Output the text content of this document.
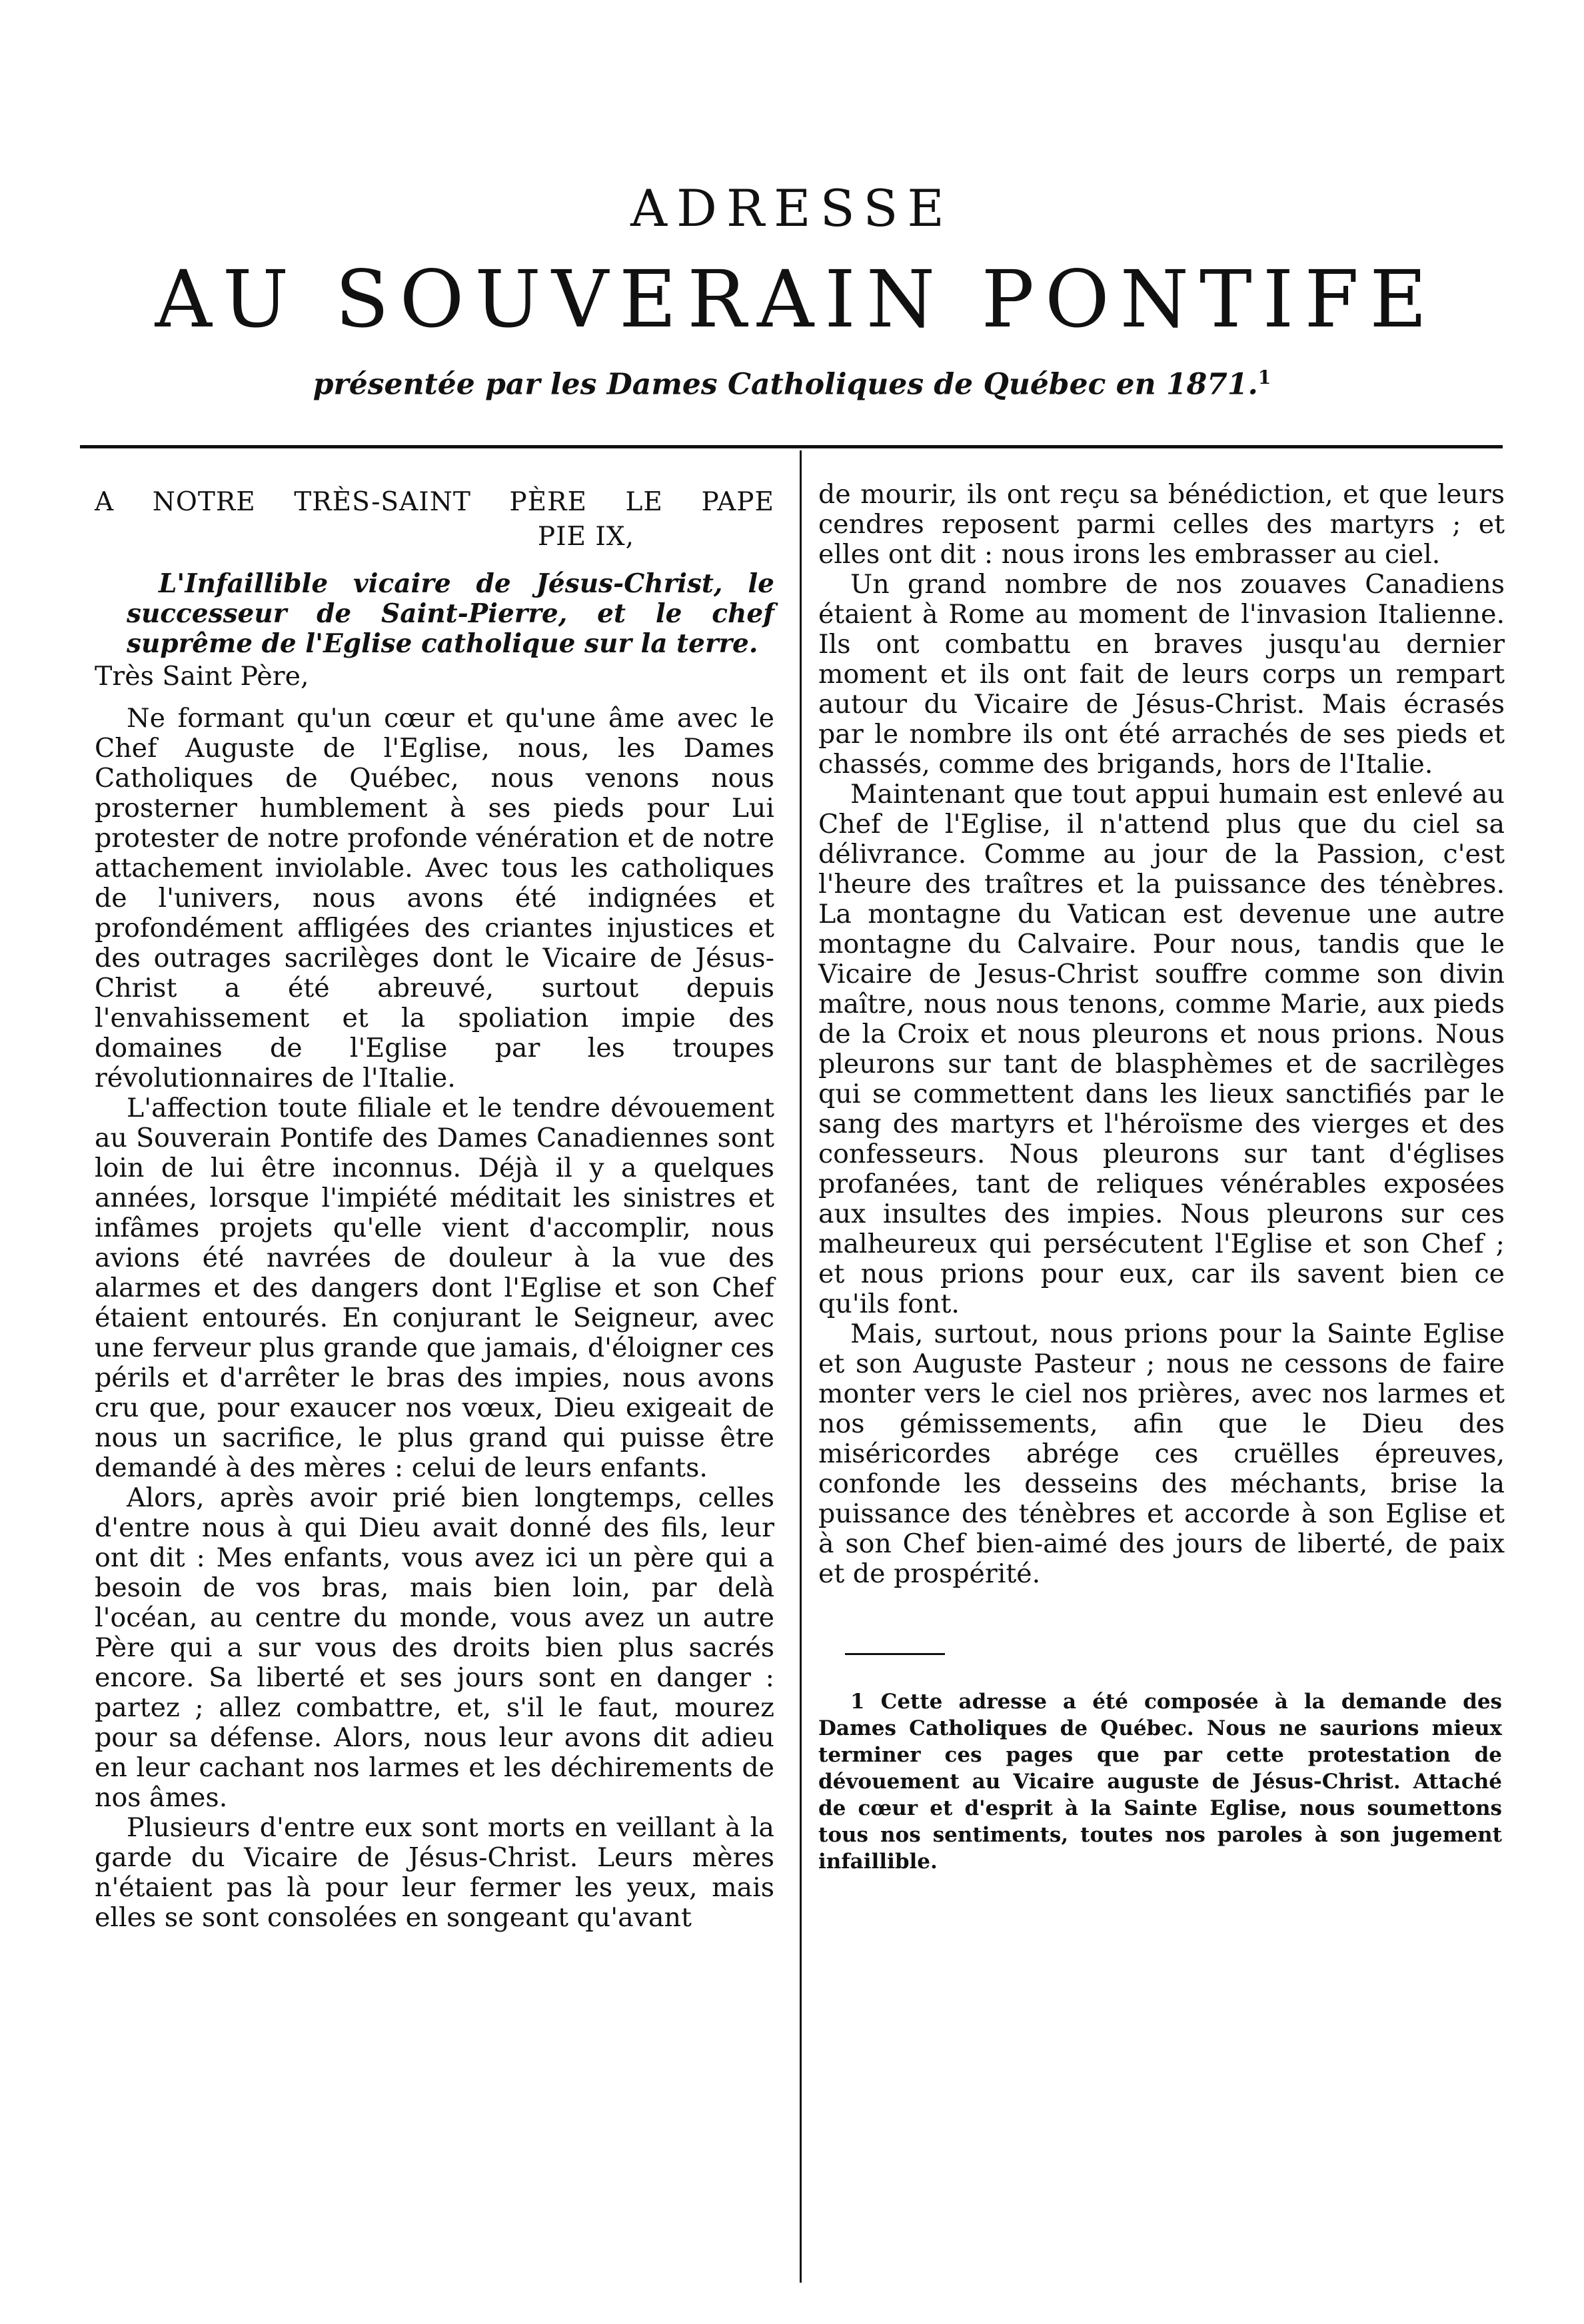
ADRESSE
AU SOUVERAIN PONTIFE
présentée par les Dames Catholiques de Québec en 1871.$^1$
A NOTRE TRÈS-SAINT PÈRE LE PAPE
PIE IX,

L'Infaillible vicaire de Jésus-Christ, le successeur de Saint-Pierre, et le chef suprême de l'Eglise catholique sur la terre.

Très Saint Père,

Ne formant qu'un cœur et qu'une âme avec le Chef Auguste de l'Eglise, nous, les Dames Catholiques de Québec, nous venons nous prosterner humblement à ses pieds pour Lui protester de notre profonde vénération et de notre attachement inviolable. Avec tous les catholiques de l'univers, nous avons été indignées et profondément affligées des criantes injustices et des outrages sacrilèges dont le Vicaire de Jésus-Christ a été abreuvé, surtout depuis l'envahissement et la spoliation impie des domaines de l'Eglise par les troupes révolutionnaires de l'Italie.

L'affection toute filiale et le tendre dévouement au Souverain Pontife des Dames Canadiennes sont loin de lui être inconnus. Déjà il y a quelques années, lorsque l'impiété méditait les sinistres et infâmes projets qu'elle vient d'accomplir, nous avions été navrées de douleur à la vue des alarmes et des dangers dont l'Eglise et son Chef étaient entourés. En conjurant le Seigneur, avec une ferveur plus grande que jamais, d'éloigner ces périls et d'arrêter le bras des impies, nous avons cru que, pour exaucer nos vœux, Dieu exigeait de nous un sacrifice, le plus grand qui puisse être demandé à des mères : celui de leurs enfants.

Alors, après avoir prié bien longtemps, celles d'entre nous à qui Dieu avait donné des fils, leur ont dit : Mes enfants, vous avez ici un père qui a besoin de vos bras, mais bien loin, par delà l'océan, au centre du monde, vous avez un autre Père qui a sur vous des droits bien plus sacrés encore. Sa liberté et ses jours sont en danger : partez ; allez combattre, et, s'il le faut, mourez pour sa défense. Alors, nous leur avons dit adieu en leur cachant nos larmes et les déchirements de nos âmes.

Plusieurs d'entre eux sont morts en veillant à la garde du Vicaire de Jésus-Christ. Leurs mères n'étaient pas là pour leur fermer les yeux, mais elles se sont consolées en songeant qu'avant

de mourir, ils ont reçu sa bénédiction, et que leurs cendres reposent parmi celles des martyrs ; et elles ont dit : nous irons les embrasser au ciel.

Un grand nombre de nos zouaves Canadiens étaient à Rome au moment de l'invasion Italienne. Ils ont combattu en braves jusqu'au dernier moment et ils ont fait de leurs corps un rempart autour du Vicaire de Jésus-Christ. Mais écrasés par le nombre ils ont été arrachés de ses pieds et chassés, comme des brigands, hors de l'Italie.

Maintenant que tout appui humain est enlevé au Chef de l'Eglise, il n'attend plus que du ciel sa délivrance. Comme au jour de la Passion, c'est l'heure des traîtres et la puissance des ténèbres. La montagne du Vatican est devenue une autre montagne du Calvaire. Pour nous, tandis que le Vicaire de Jesus-Christ souffre comme son divin maître, nous nous tenons, comme Marie, aux pieds de la Croix et nous pleurons et nous prions. Nous pleurons sur tant de blasphèmes et de sacrilèges qui se commettent dans les lieux sanctifiés par le sang des martyrs et l'héroïsme des vierges et des confesseurs. Nous pleurons sur tant d'églises profanées, tant de reliques vénérables exposées aux insultes des impies. Nous pleurons sur ces malheureux qui persécutent l'Eglise et son Chef ; et nous prions pour eux, car ils savent bien ce qu'ils font.

Mais, surtout, nous prions pour la Sainte Eglise et son Auguste Pasteur ; nous ne cessons de faire monter vers le ciel nos prières, avec nos larmes et nos gémissements, afin que le Dieu des miséricordes abrége ces cruëlles épreuves, confonde les desseins des méchants, brise la puissance des ténèbres et accorde à son Eglise et à son Chef bien-aimé des jours de liberté, de paix et de prospérité.

1 Cette adresse a été composée à la demande des Dames Catholiques de Québec. Nous ne saurions mieux terminer ces pages que par cette protestation de dévouement au Vicaire auguste de Jésus-Christ. Attaché de cœur et d'esprit à la Sainte Eglise, nous soumettons tous nos sentiments, toutes nos paroles à son jugement infaillible.
